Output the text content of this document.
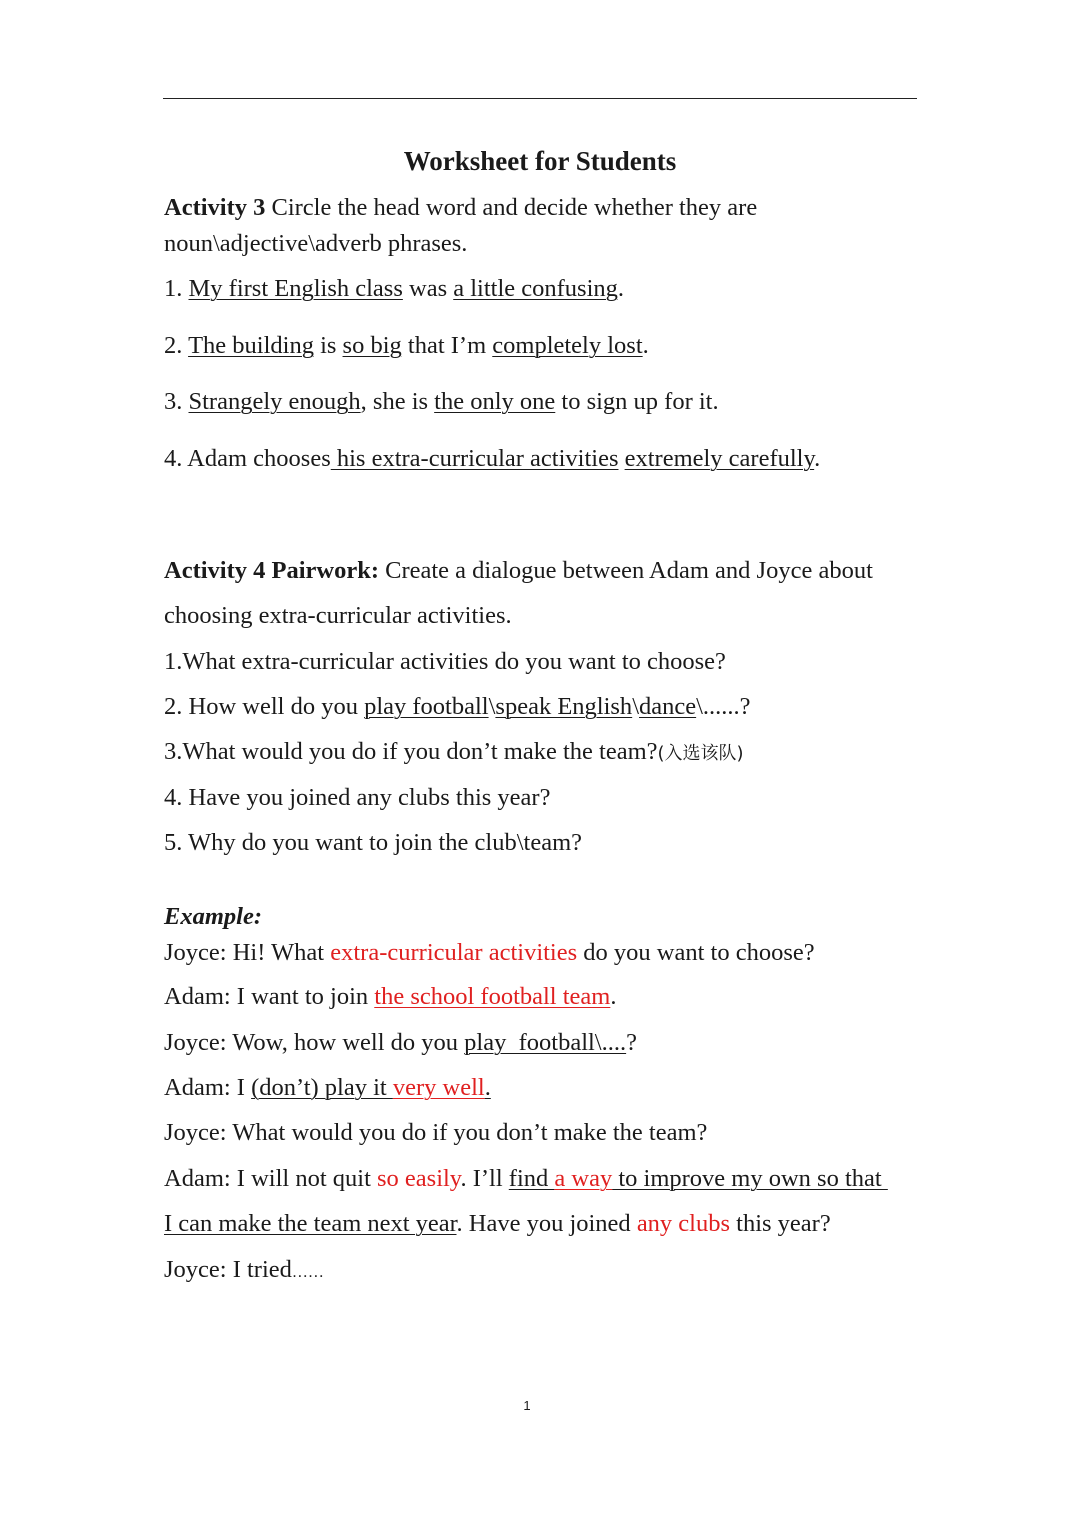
Worksheet for Students
Activity 3 Circle the head word and decide whether they are
noun\adjective\adverb phrases.
1. My first English class was a little confusing.
2. The building is so big that I’m completely lost.
3. Strangely enough, she is the only one to sign up for it.
4. Adam chooses his extra-curricular activities extremely carefully.
Activity 4 Pairwork: Create a dialogue between Adam and Joyce about
choosing extra-curricular activities.
1.What extra-curricular activities do you want to choose?
2. How well do you play football\speak English\dance\......?
3.What would you do if you don’t make the team?(入选该队)
4. Have you joined any clubs this year?
5. Why do you want to join the club\team?
Example:
Joyce: Hi! What extra-curricular activities do you want to choose?
Adam: I want to join the school football team.
Joyce: Wow, how well do you play  football\....?
Adam: I (don’t) play it very well.
Joyce: What would you do if you don’t make the team?
Adam: I will not quit so easily. I’ll find a way to improve my own so that
I can make the team next year. Have you joined any clubs this year?
Joyce: I tried……
1
